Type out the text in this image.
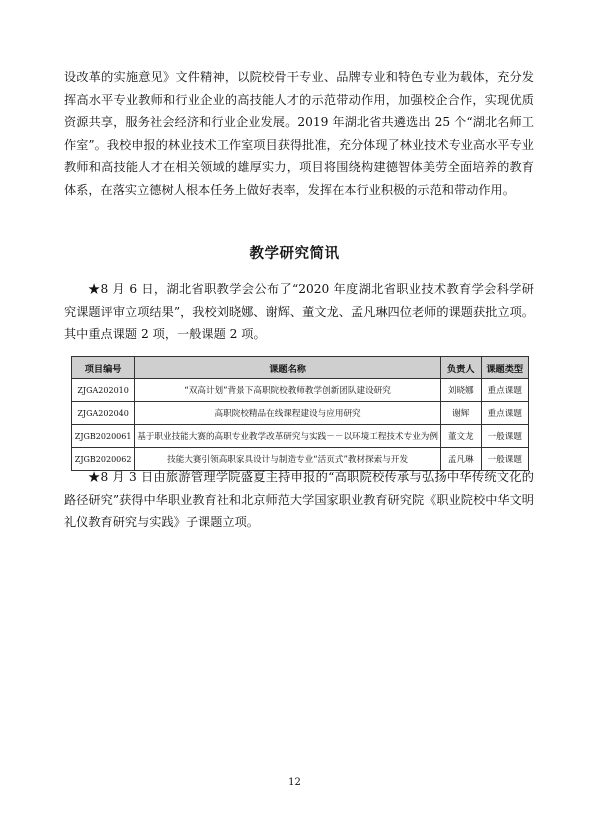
设改革的实施意见》文件精神，以院校骨干专业、品牌专业和特色专业为载体，充分发挥高水平专业教师和行业企业的高技能人才的示范带动作用，加强校企合作，实现优质资源共享，服务社会经济和行业企业发展。2019 年湖北省共遴选出 25 个“湖北名师工作室”。我校申报的林业技术工作室项目获得批准，充分体现了林业技术专业高水平专业教师和高技能人才在相关领域的雄厚实力，项目将围绕构建德智体美劳全面培养的教育体系，在落实立德树人根本任务上做好表率，发挥在本行业积极的示范和带动作用。

教学研究简讯

★8 月 6 日，湖北省职教学会公布了“2020 年度湖北省职业技术教育学会科学研究课题评审立项结果”，我校刘晓娜、谢辉、董文龙、孟凡琳四位老师的课题获批立项。其中重点课题 2 项，一般课题 2 项。

项目编号	课题名称	负责人	课题类型
ZJGA202010	“双高计划”背景下高职院校教师教学创新团队建设研究	刘晓娜	重点课题
ZJGA202040	高职院校精品在线课程建设与应用研究	谢辉	重点课题
ZJGB2020061	基于职业技能大赛的高职专业教学改革研究与实践－－以环境工程技术专业为例	董文龙	一般课题
ZJGB2020062	技能大赛引领高职家具设计与制造专业“活页式”教材探索与开发	孟凡琳	一般课题

★8 月 3 日由旅游管理学院盛夏主持申报的“高职院校传承与弘扬中华传统文化的路径研究”获得中华职业教育社和北京师范大学国家职业教育研究院《职业院校中华文明礼仪教育研究与实践》子课题立项。

12
